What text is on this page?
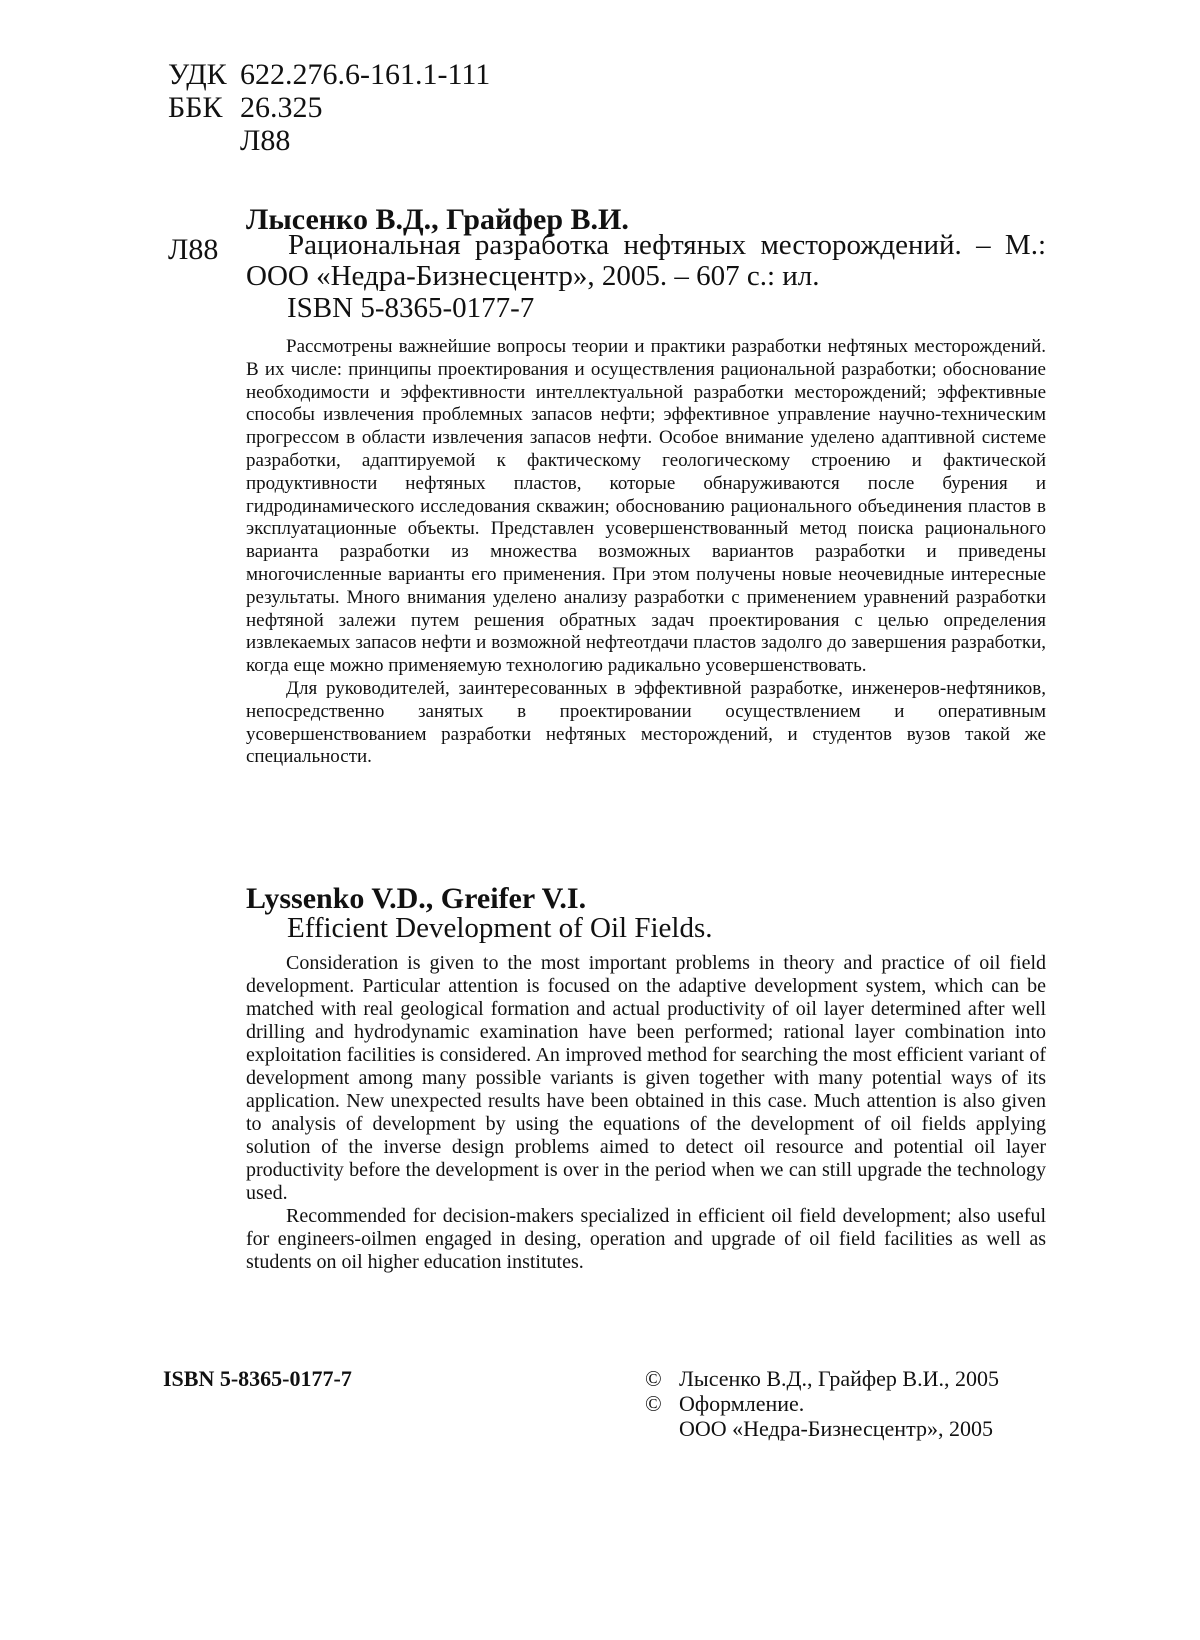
УДК 622.276.6-161.1-111
ББК 26.325
Л88
Лысенко В.Д., Грайфер В.И.
Л88	Рациональная разработка нефтяных месторождений. – М.: ООО «Недра-Бизнесцентр», 2005. – 607 с.: ил.
ISBN 5-8365-0177-7

Рассмотрены важнейшие вопросы теории и практики разработки нефтяных месторождений. В их числе: принципы проектирования и осуществления рациональной разработки; обоснование необходимости и эффективности интеллектуальной разработки месторождений; эффективные способы извлечения проблемных запасов нефти; эффективное управление научно-техническим прогрессом в области извлечения запасов нефти. Особое внимание уделено адаптивной системе разработки, адаптируемой к фактическому геологическому строению и фактической продуктивности нефтяных пластов, которые обнаруживаются после бурения и гидродинамического исследования скважин; обоснованию рационального объединения пластов в эксплуатационные объекты. Представлен усовершенствованный метод поиска рационального варианта разработки из множества возможных вариантов разработки и приведены многочисленные варианты его применения. При этом получены новые неочевидные интересные результаты. Много внимания уделено анализу разработки с применением уравнений разработки нефтяной залежи путем решения обратных задач проектирования с целью определения извлекаемых запасов нефти и возможной нефтеотдачи пластов задолго до завершения разработки, когда еще можно применяемую технологию радикально усовершенствовать.

Для руководителей, заинтересованных в эффективной разработке, инженеров-нефтяников, непосредственно занятых в проектировании осуществлением и оперативным усовершенствованием разработки нефтяных месторождений, и студентов вузов такой же специальности.

Lyssenko V.D., Greifer V.I.
Efficient Development of Oil Fields.

Consideration is given to the most important problems in theory and practice of oil field development. Particular attention is focused on the adaptive development system, which can be matched with real geological formation and actual productivity of oil layer determined after well drilling and hydrodynamic examination have been performed; rational layer combination into exploitation facilities is considered. An improved method for searching the most efficient variant of development among many possible variants is given together with many potential ways of its application. New unexpected results have been obtained in this case. Much attention is also given to analysis of development by using the equations of the development of oil fields applying solution of the inverse design problems aimed to detect oil resource and potential oil layer productivity before the development is over in the period when we can still upgrade the technology used.

Recommended for decision-makers specialized in efficient oil field development; also useful for engineers-oilmen engaged in desing, operation and upgrade of oil field facilities as well as students on oil higher education institutes.

ISBN 5-8365-0177-7	© Лысенко В.Д., Грайфер В.И., 2005
© Оформление.
ООО «Недра-Бизнесцентр», 2005
